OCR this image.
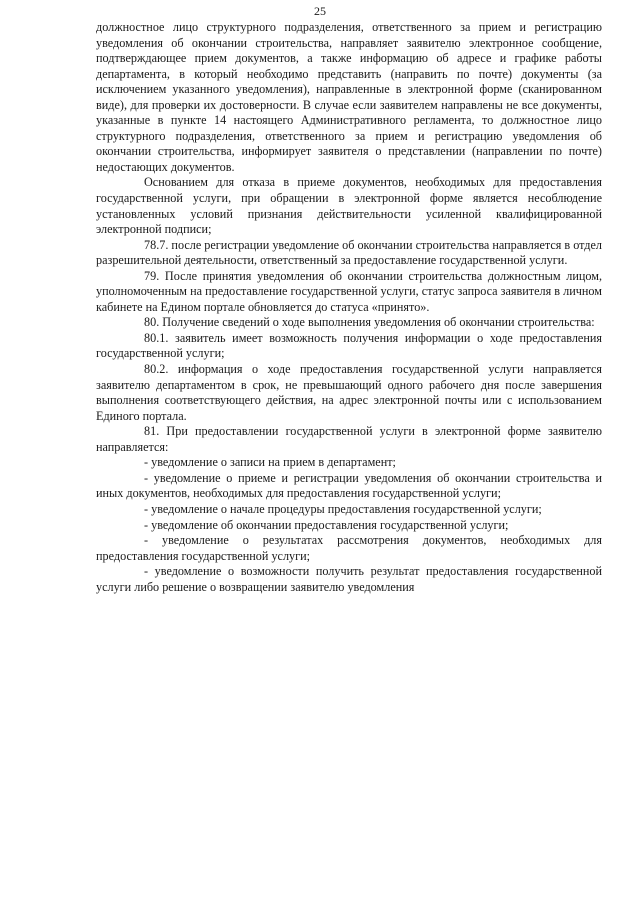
25

должностное лицо структурного подразделения, ответственного за прием и регистрацию уведомления об окончании строительства, направляет заявителю электронное сообщение, подтверждающее прием документов, а также информацию об адресе и графике работы департамента, в который необходимо представить (направить по почте) документы (за исключением указанного уведомления), направленные в электронной форме (сканированном виде), для проверки их достоверности. В случае если заявителем направлены не все документы, указанные в пункте 14 настоящего Административного регламента, то должностное лицо структурного подразделения, ответственного за прием и регистрацию уведомления об окончании строительства, информирует заявителя о представлении (направлении по почте) недостающих документов.

Основанием для отказа в приеме документов, необходимых для предоставления государственной услуги, при обращении в электронной форме является несоблюдение установленных условий признания действительности усиленной квалифицированной электронной подписи;

78.7. после регистрации уведомление об окончании строительства направляется в отдел разрешительной деятельности, ответственный за предоставление государственной услуги.

79. После принятия уведомления об окончании строительства должностным лицом, уполномоченным на предоставление государственной услуги, статус запроса заявителя в личном кабинете на Едином портале обновляется до статуса «принято».

80. Получение сведений о ходе выполнения уведомления об окончании строительства:

80.1. заявитель имеет возможность получения информации о ходе предоставления государственной услуги;

80.2. информация о ходе предоставления государственной услуги направляется заявителю департаментом в срок, не превышающий одного рабочего дня после завершения выполнения соответствующего действия, на адрес электронной почты или с использованием Единого портала.

81. При предоставлении государственной услуги в электронной форме заявителю направляется:

- уведомление о записи на прием в департамент;

- уведомление о приеме и регистрации уведомления об окончании строительства и иных документов, необходимых для предоставления государственной услуги;

- уведомление о начале процедуры предоставления государственной услуги;

- уведомление об окончании предоставления государственной услуги;

- уведомление о результатах рассмотрения документов, необходимых для предоставления государственной услуги;

- уведомление о возможности получить результат предоставления государственной услуги либо решение о возвращении заявителю уведомления
